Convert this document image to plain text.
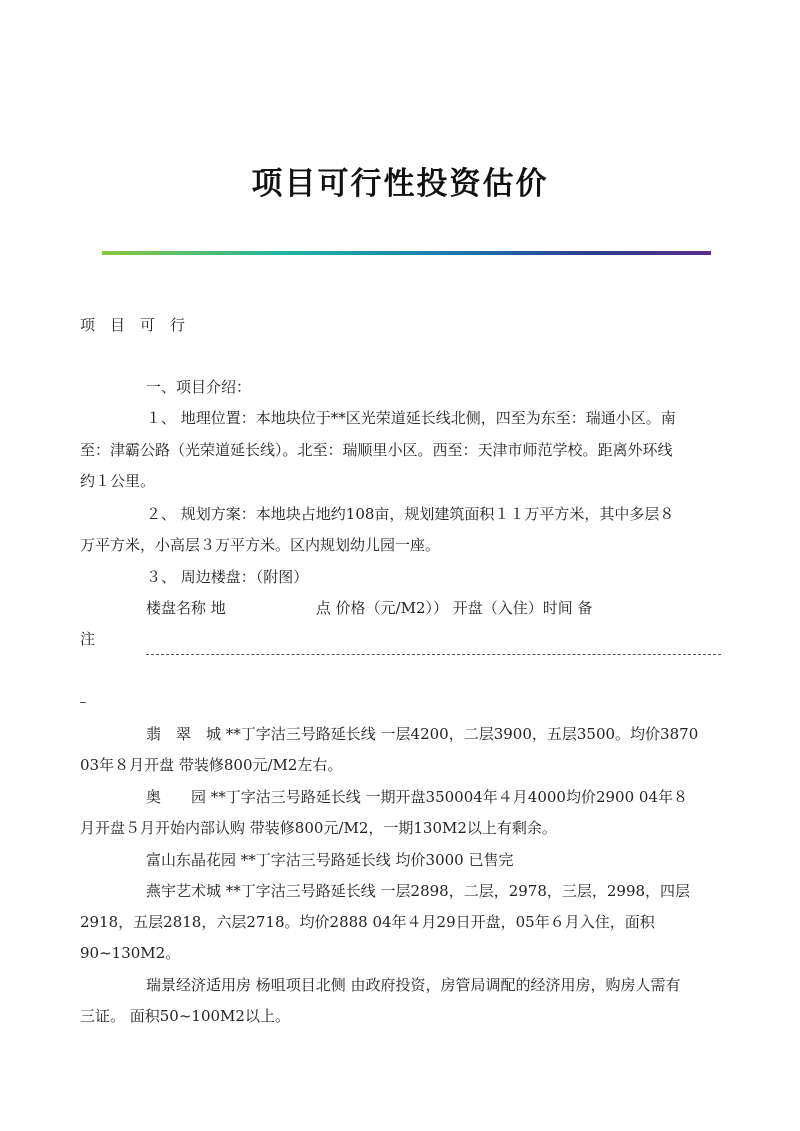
项目可行性投资估价
项　目　可　行
一、项目介绍：
１、 地理位置：本地块位于**区光荣道延长线北侧，四至为东至：瑞通小区。南
至：津霸公路（光荣道延长线）。北至：瑞顺里小区。西至：天津市师范学校。距离外环线
约１公里。
２、 规划方案：本地块占地约108亩，规划建筑面积１１万平方米，其中多层８
万平方米，小高层３万平方米。区内规划幼儿园一座。
３、 周边楼盘：（附图）
楼盘名称 地　　　　　　点 价格（元/M2）） 开盘（入住）时间 备
注
翡　翠　城 **丁字沽三号路延长线 一层4200，二层3900，五层3500。均价3870
03年８月开盘 带装修800元/M2左右。
奥　　园 **丁字沽三号路延长线 一期开盘350004年４月4000均价2900 04年８
月开盘５月开始内部认购 带装修800元/M2，一期130M2以上有剩余。
富山东晶花园 **丁字沽三号路延长线 均价3000 已售完
燕宇艺术城 **丁字沽三号路延长线 一层2898，二层，2978，三层，2998，四层
2918，五层2818，六层2718。均价2888 04年４月29日开盘，05年６月入住，面积
90~130M2。
瑞景经济适用房 杨咀项目北侧 由政府投资，房管局调配的经济用房，购房人需有
三证。 面积50~100M2以上。
